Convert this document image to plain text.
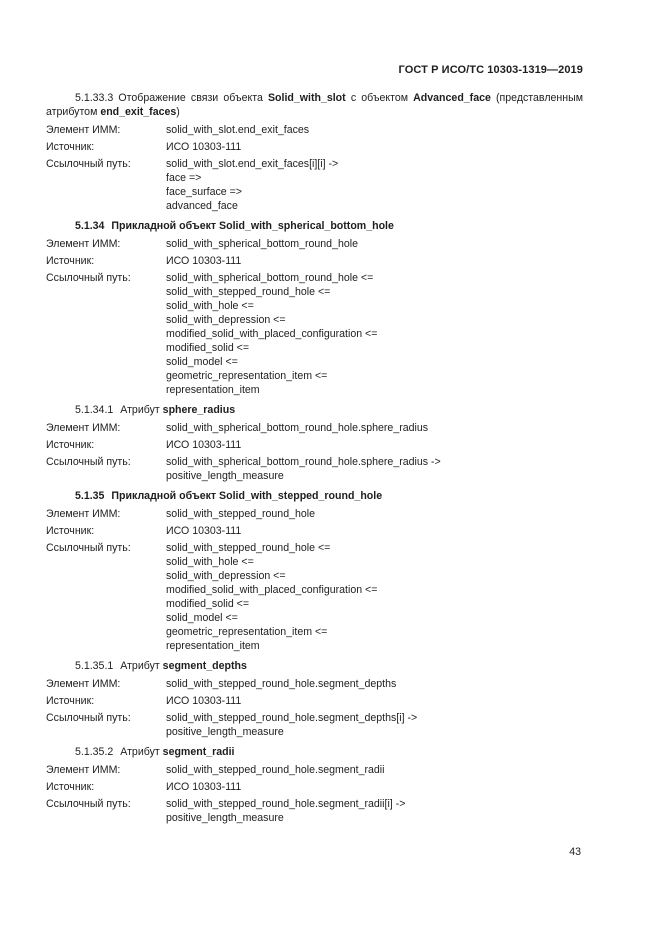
ГОСТ Р ИСО/ТС 10303-1319—2019

5.1.33.3 Отображение связи объекта Solid_with_slot с объектом Advanced_face (представленным атрибутом end_exit_faces)

Элемент ИММ:	solid_with_slot.end_exit_faces
Источник:	ИСО 10303-111
Ссылочный путь:	solid_with_slot.end_exit_faces[i][i] ->
face =>
face_surface =>
advanced_face
5.1.34 Прикладной объект Solid_with_spherical_bottom_hole
Элемент ИММ:	solid_with_spherical_bottom_round_hole
Источник:	ИСО 10303-111
Ссылочный путь:	solid_with_spherical_bottom_round_hole <=
solid_with_stepped_round_hole <=
solid_with_hole <=
solid_with_depression <=
modified_solid_with_placed_configuration <=
modified_solid <=
solid_model <=
geometric_representation_item <=
representation_item
5.1.34.1 Атрибут sphere_radius
Элемент ИММ:	solid_with_spherical_bottom_round_hole.sphere_radius
Источник:	ИСО 10303-111
Ссылочный путь:	solid_with_spherical_bottom_round_hole.sphere_radius ->
positive_length_measure
5.1.35 Прикладной объект Solid_with_stepped_round_hole
Элемент ИММ:	solid_with_stepped_round_hole
Источник:	ИСО 10303-111
Ссылочный путь:	solid_with_stepped_round_hole <=
solid_with_hole <=
solid_with_depression <=
modified_solid_with_placed_configuration <=
modified_solid <=
solid_model <=
geometric_representation_item <=
representation_item
5.1.35.1 Атрибут segment_depths
Элемент ИММ:	solid_with_stepped_round_hole.segment_depths
Источник:	ИСО 10303-111
Ссылочный путь:	solid_with_stepped_round_hole.segment_depths[i] ->
positive_length_measure
5.1.35.2 Атрибут segment_radii
Элемент ИММ:	solid_with_stepped_round_hole.segment_radii
Источник:	ИСО 10303-111
Ссылочный путь:	solid_with_stepped_round_hole.segment_radii[i] ->
positive_length_measure
43
